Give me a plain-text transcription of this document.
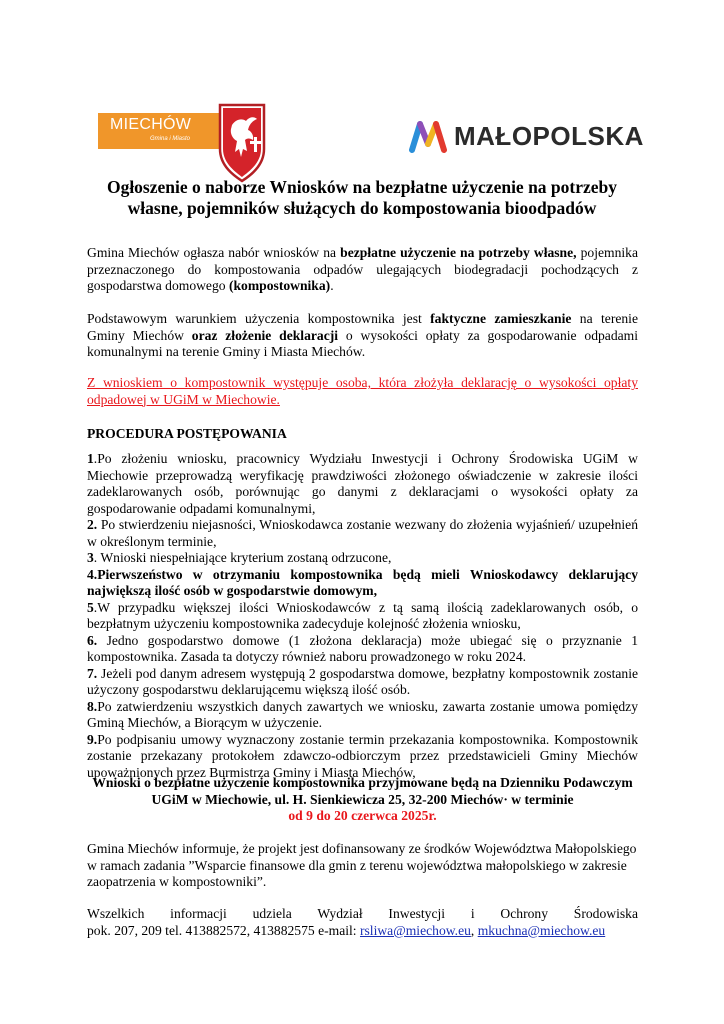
MIECHÓW
Gmina i Miasto	MAŁOPOLSKA
Ogłoszenie o naborze Wniosków na bezpłatne użyczenie na potrzeby
własne, pojemników służących do kompostowania bioodpadów
Gmina Miechów ogłasza nabór wniosków na bezpłatne użyczenie na potrzeby własne, pojemnika przeznaczonego do kompostowania odpadów ulegających biodegradacji pochodzących z gospodarstwa domowego (kompostownika).
Podstawowym warunkiem użyczenia kompostownika jest faktyczne zamieszkanie na terenie Gminy Miechów oraz złożenie deklaracji o wysokości opłaty za gospodarowanie odpadami komunalnymi na terenie Gminy i Miasta Miechów.
Z wnioskiem o kompostownik występuje osoba, która złożyła deklarację o wysokości opłaty odpadowej w UGiM w Miechowie.
PROCEDURA POSTĘPOWANIA
1.Po złożeniu wniosku, pracownicy Wydziału Inwestycji i Ochrony Środowiska UGiM w Miechowie przeprowadzą weryfikację prawdziwości złożonego oświadczenie w zakresie ilości zadeklarowanych osób, porównując go danymi z deklaracjami o wysokości opłaty za gospodarowanie odpadami komunalnymi,
2. Po stwierdzeniu niejasności, Wnioskodawca zostanie wezwany do złożenia wyjaśnień/ uzupełnień w określonym terminie,
3. Wnioski niespełniające kryterium zostaną odrzucone,
4.Pierwszeństwo w otrzymaniu kompostownika będą mieli Wnioskodawcy deklarujący największą ilość osób w gospodarstwie domowym,
5.W przypadku większej ilości Wnioskodawców z tą samą ilością zadeklarowanych osób, o bezpłatnym użyczeniu kompostownika zadecyduje kolejność złożenia wniosku,
6. Jedno gospodarstwo domowe (1 złożona deklaracja) może ubiegać się o przyznanie 1 kompostownika. Zasada ta dotyczy również naboru prowadzonego w roku 2024.
7. Jeżeli pod danym adresem występują 2 gospodarstwa domowe, bezpłatny kompostownik zostanie użyczony gospodarstwu deklarującemu większą ilość osób.
8.Po zatwierdzeniu wszystkich danych zawartych we wniosku, zawarta zostanie umowa pomiędzy Gminą Miechów, a Biorącym w użyczenie.
9.Po podpisaniu umowy wyznaczony zostanie termin przekazania kompostownika. Kompostownik zostanie przekazany protokołem zdawczo-odbiorczym przez przedstawicieli Gminy Miechów upoważnionych przez Burmistrza Gminy i Miasta Miechów,
Wnioski o bezpłatne użyczenie kompostownika przyjmowane będą na Dzienniku Podawczym
UGiM w Miechowie, ul. H. Sienkiewicza 25, 32-200 Miechów· w terminie
od 9 do 20 czerwca 2025r.
Gmina Miechów informuje, że projekt jest dofinansowany ze środków Województwa Małopolskiego w ramach zadania ”Wsparcie finansowe dla gmin z terenu województwa małopolskiego w zakresie zaopatrzenia w kompostowniki”.
Wszelkich informacji udziela Wydział Inwestycji i Ochrony Środowiska
pok. 207, 209 tel. 413882572, 413882575 e-mail: rsliwa@miechow.eu, mkuchna@miechow.eu
